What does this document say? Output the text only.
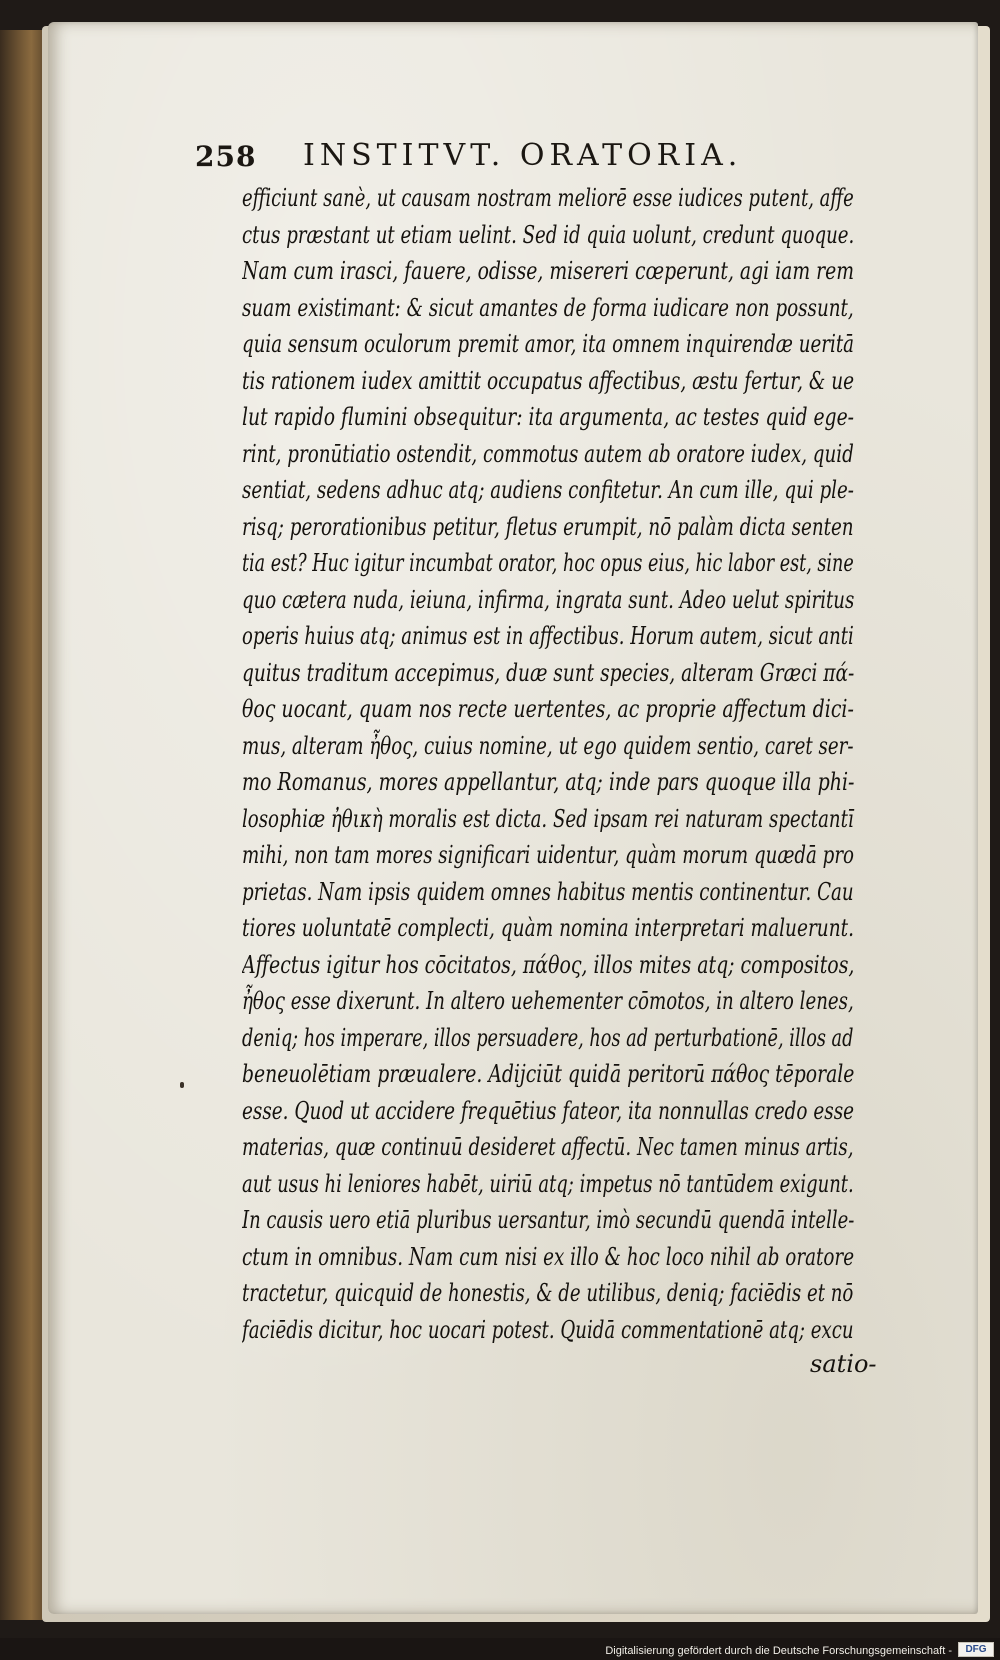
258 INSTITVT. ORATORIA.
efficiunt sanè, ut causam nostram meliorē esse iudices putent, affe
ctus præstant ut etiam uelint. Sed id quia uolunt, credunt quoque.
Nam cum irasci, fauere, odisse, misereri cœperunt, agi iam rem
suam existimant: & sicut amantes de forma iudicare non possunt,
quia sensum oculorum premit amor, ita omnem inquirendæ ueritā
tis rationem iudex amittit occupatus affectibus, æstu fertur, & ue
lut rapido flumini obsequitur: ita argumenta, ac testes quid ege-
rint, pronūtiatio ostendit, commotus autem ab oratore iudex, quid
sentiat, sedens adhuc atq; audiens confitetur. An cum ille, qui ple-
risq; perorationibus petitur, fletus erumpit, nō palàm dicta senten
tia est? Huc igitur incumbat orator, hoc opus eius, hic labor est, sine
quo cætera nuda, ieiuna, infirma, ingrata sunt. Adeo uelut spiritus
operis huius atq; animus est in affectibus. Horum autem, sicut anti
quitus traditum accepimus, duæ sunt species, alteram Græci πά-
θος uocant, quam nos recte uertentes, ac proprie affectum dici-
mus, alteram ἦθος, cuius nomine, ut ego quidem sentio, caret ser-
mo Romanus, mores appellantur, atq; inde pars quoque illa phi-
losophiæ ἠθικὴ moralis est dicta. Sed ipsam rei naturam spectantī
mihi, non tam mores significari uidentur, quàm morum quædā pro
prietas. Nam ipsis quidem omnes habitus mentis continentur. Cau
tiores uoluntatē complecti, quàm nomina interpretari maluerunt.
Affectus igitur hos cōcitatos, πάθος, illos mites atq; compositos,
ἦθος esse dixerunt. In altero uehementer cōmotos, in altero lenes,
deniq; hos imperare, illos persuadere, hos ad perturbationē, illos ad
beneuolētiam præualere. Adijciūt quidā peritorū πάθος tēporale
esse. Quod ut accidere frequētius fateor, ita nonnullas credo esse
materias, quæ continuū desideret affectū. Nec tamen minus artis,
aut usus hi leniores habēt, uiriū atq; impetus nō tantūdem exigunt.
In causis uero etiā pluribus uersantur, imò secundū quendā intelle-
ctum in omnibus. Nam cum nisi ex illo & hoc loco nihil ab oratore
tractetur, quicquid de honestis, & de utilibus, deniq; faciēdis et nō
faciēdis dicitur, hoc uocari potest. Quidā commentationē atq; excu
satio-
Digitalisierung gefördert durch die Deutsche Forschungsgemeinschaft -	DFG
